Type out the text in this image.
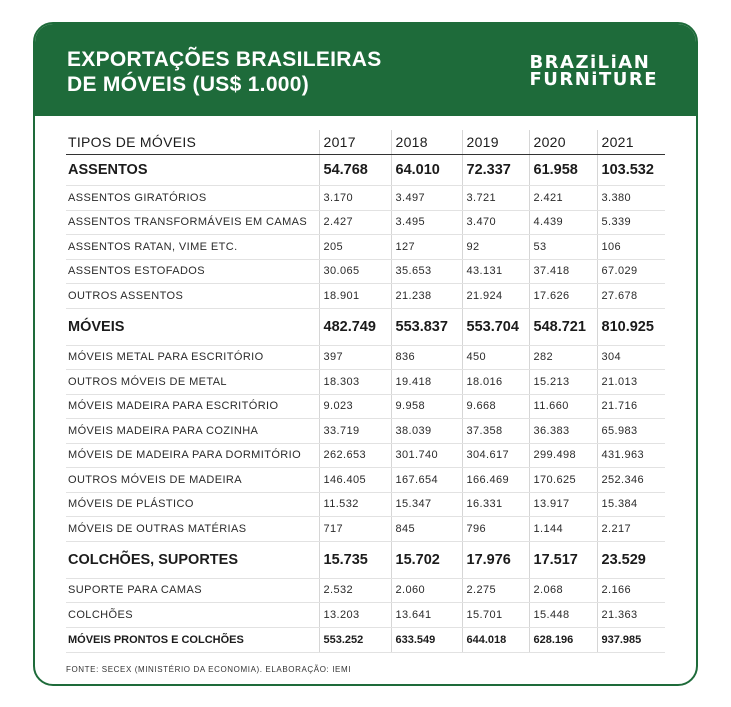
EXPORTAÇÕES BRASILEIRAS
DE MÓVEIS (US$ 1.000)
BRAZiLiAN
FURNiTURE
TIPOS DE MÓVEIS	2017	2018	2019	2020	2021
ASSENTOS	54.768	64.010	72.337	61.958	103.532
ASSENTOS GIRATÓRIOS	3.170	3.497	3.721	2.421	3.380
ASSENTOS TRANSFORMÁVEIS EM CAMAS	2.427	3.495	3.470	4.439	5.339
ASSENTOS RATAN, VIME ETC.	205	127	92	53	106
ASSENTOS ESTOFADOS	30.065	35.653	43.131	37.418	67.029
OUTROS ASSENTOS	18.901	21.238	21.924	17.626	27.678
MÓVEIS	482.749	553.837	553.704	548.721	810.925
MÓVEIS METAL PARA ESCRITÓRIO	397	836	450	282	304
OUTROS MÓVEIS DE METAL	18.303	19.418	18.016	15.213	21.013
MÓVEIS MADEIRA PARA ESCRITÓRIO	9.023	9.958	9.668	11.660	21.716
MÓVEIS MADEIRA PARA COZINHA	33.719	38.039	37.358	36.383	65.983
MÓVEIS DE MADEIRA PARA DORMITÓRIO	262.653	301.740	304.617	299.498	431.963
OUTROS MÓVEIS DE MADEIRA	146.405	167.654	166.469	170.625	252.346
MÓVEIS DE PLÁSTICO	11.532	15.347	16.331	13.917	15.384
MÓVEIS DE OUTRAS MATÉRIAS	717	845	796	1.144	2.217
COLCHÕES, SUPORTES	15.735	15.702	17.976	17.517	23.529
SUPORTE PARA CAMAS	2.532	2.060	2.275	2.068	2.166
COLCHÕES	13.203	13.641	15.701	15.448	21.363
MÓVEIS PRONTOS E COLCHÕES	553.252	633.549	644.018	628.196	937.985

FONTE: SECEX (MINISTÉRIO DA ECONOMIA). ELABORAÇÃO: IEMI
